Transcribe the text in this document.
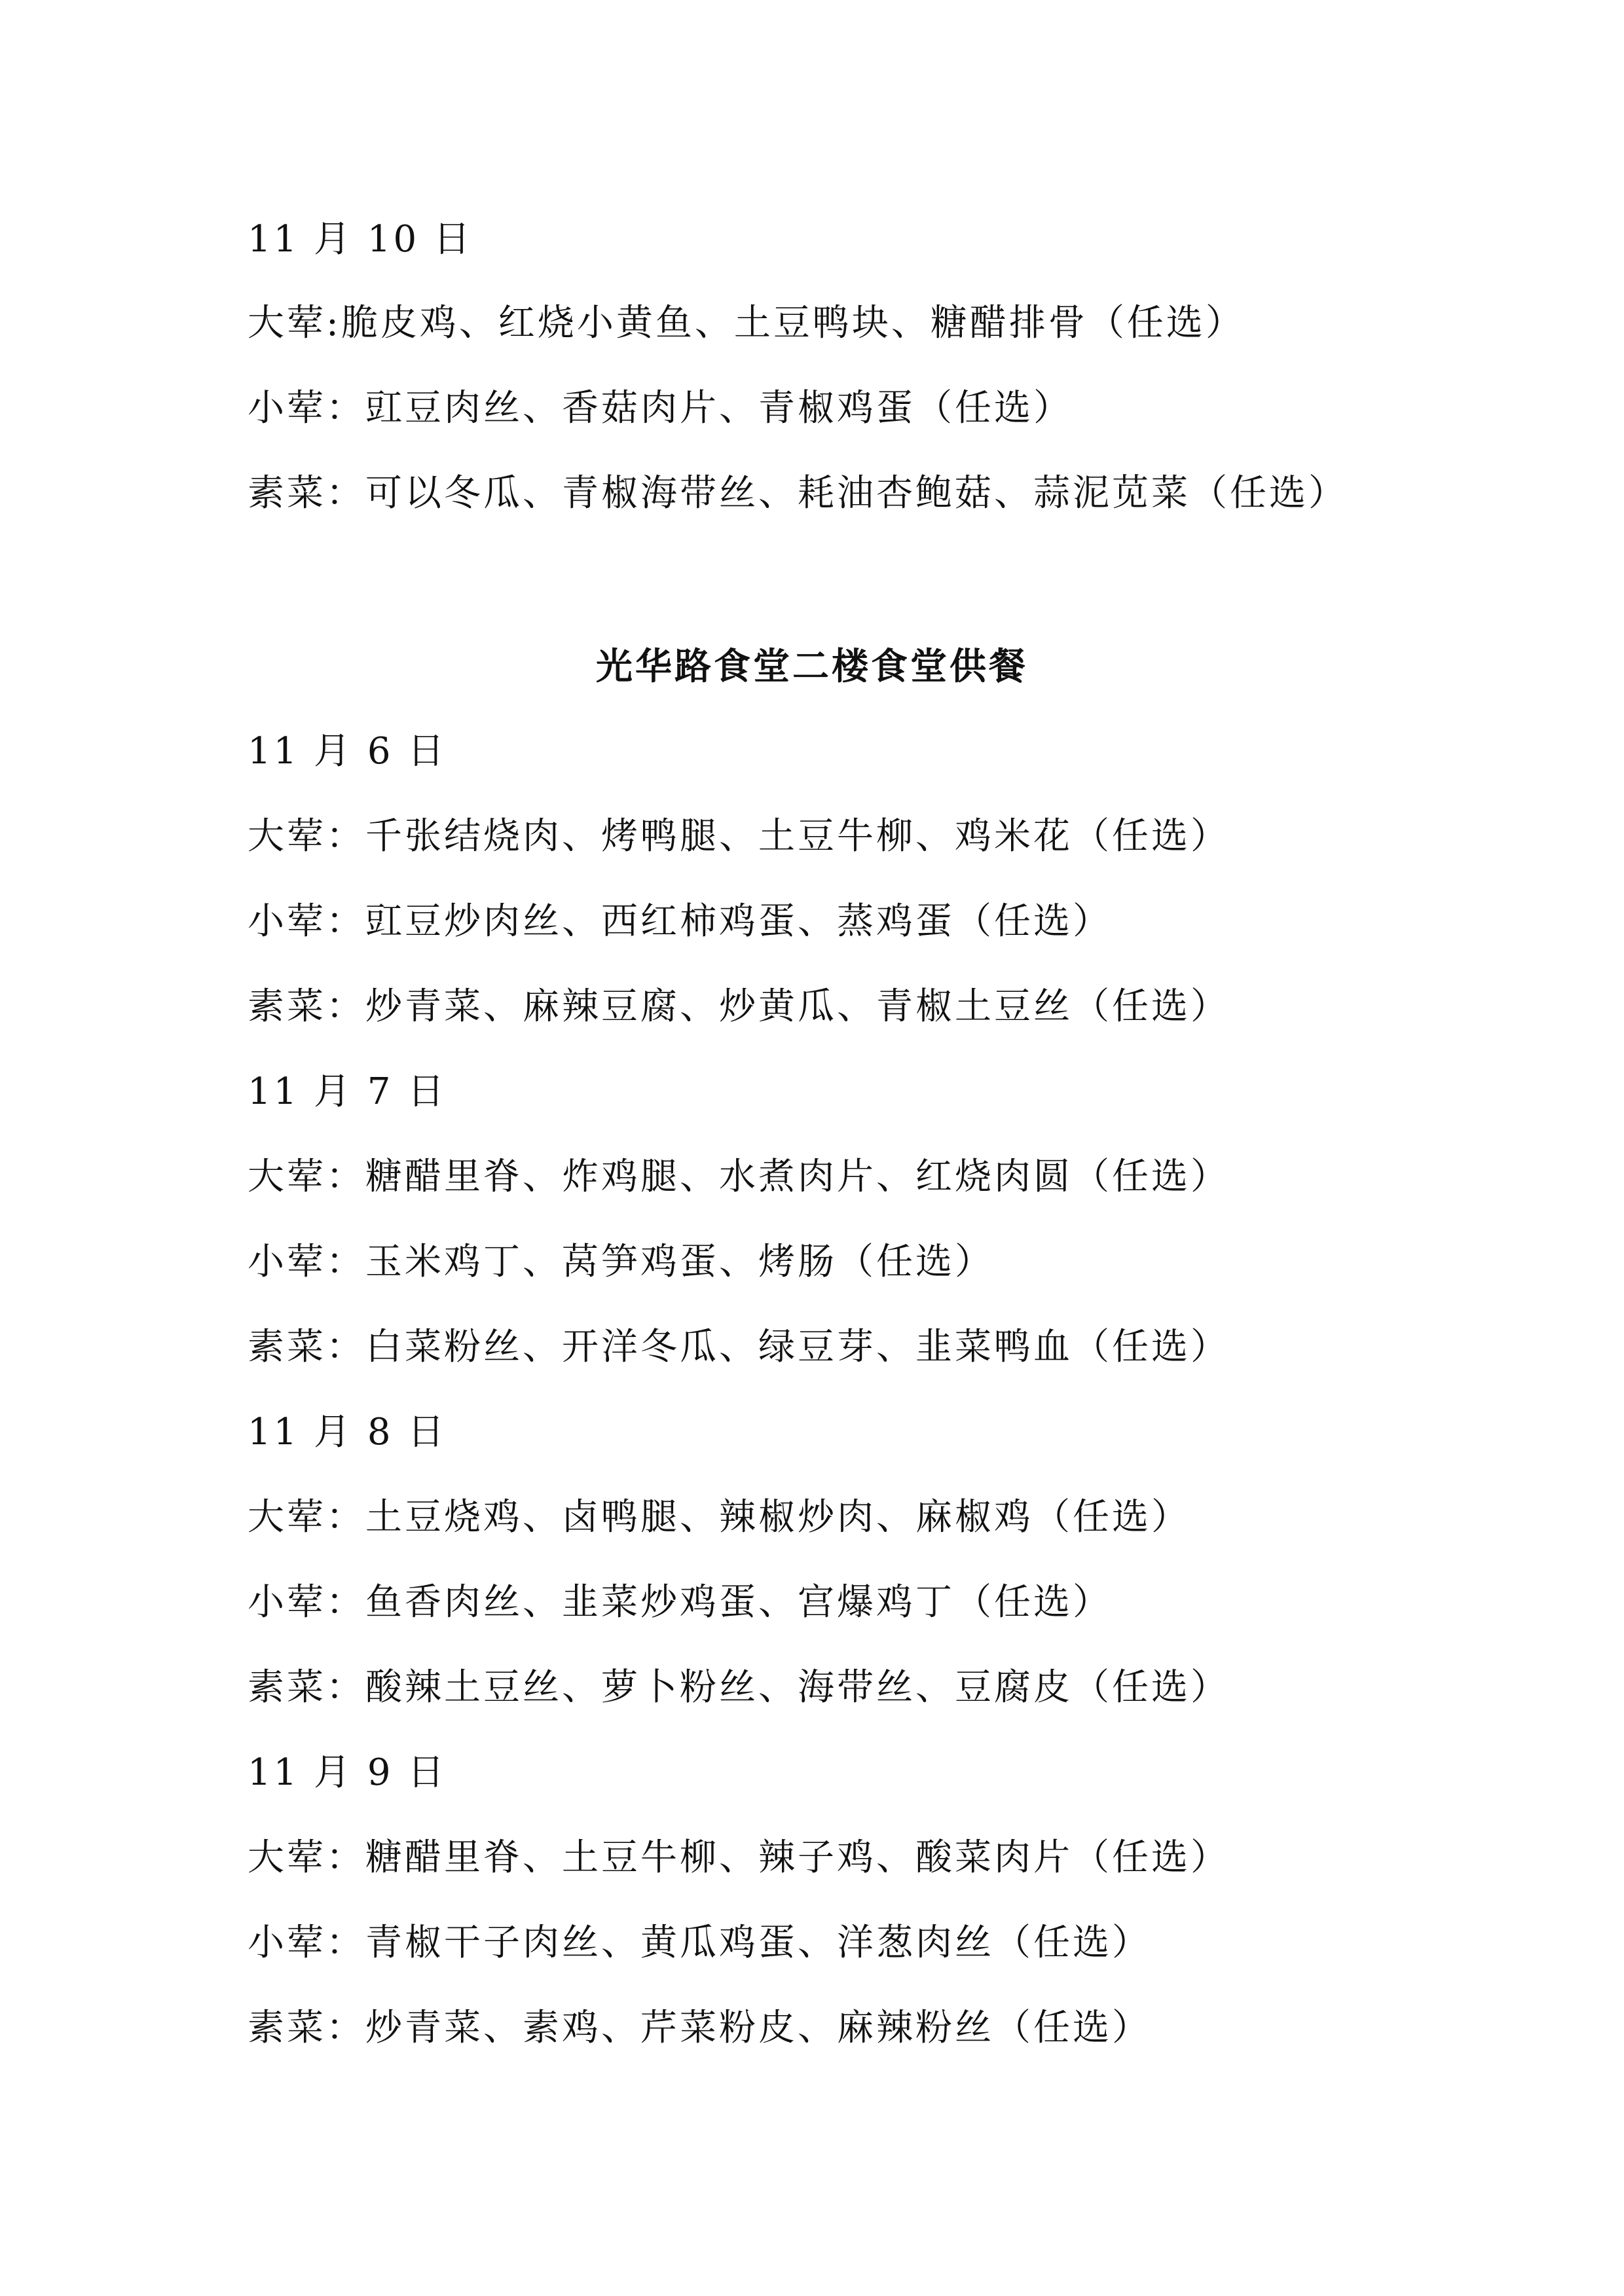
11 月 10 日
大荤:脆皮鸡、红烧小黄鱼、土豆鸭块、糖醋排骨（任选）
小荤：豇豆肉丝、香菇肉片、青椒鸡蛋（任选）
素菜：可以冬瓜、青椒海带丝、耗油杏鲍菇、蒜泥苋菜（任选）
光华路食堂二楼食堂供餐
11 月 6 日
大荤：千张结烧肉、烤鸭腿、土豆牛柳、鸡米花（任选）
小荤：豇豆炒肉丝、西红柿鸡蛋、蒸鸡蛋（任选）
素菜：炒青菜、麻辣豆腐、炒黄瓜、青椒土豆丝（任选）
11 月 7 日
大荤：糖醋里脊、炸鸡腿、水煮肉片、红烧肉圆（任选）
小荤：玉米鸡丁、莴笋鸡蛋、烤肠（任选）
素菜：白菜粉丝、开洋冬瓜、绿豆芽、韭菜鸭血（任选）
11 月 8 日
大荤：土豆烧鸡、卤鸭腿、辣椒炒肉、麻椒鸡（任选）
小荤：鱼香肉丝、韭菜炒鸡蛋、宫爆鸡丁（任选）
素菜：酸辣土豆丝、萝卜粉丝、海带丝、豆腐皮（任选）
11 月 9 日
大荤：糖醋里脊、土豆牛柳、辣子鸡、酸菜肉片（任选）
小荤：青椒干子肉丝、黄瓜鸡蛋、洋葱肉丝（任选）
素菜：炒青菜、素鸡、芹菜粉皮、麻辣粉丝（任选）
